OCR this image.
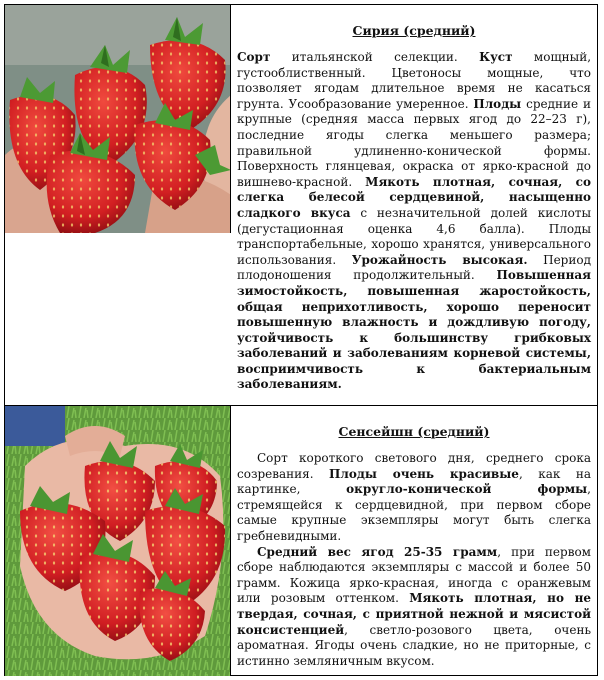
Сирия (средний)

Сорт итальянской селекции. Куст мощный, густооблиственный. Цветоносы мощные, что позволяет ягодам длительное время не касаться грунта. Усообразование умеренное. Плоды средние и крупные (средняя масса первых ягод до 22–23 г), последние ягоды слегка меньшего размера; правильной удлиненно-конической формы. Поверхность глянцевая, окраска от ярко-красной до вишнево-красной. Мякоть плотная, сочная, со слегка белесой сердцевиной, насыщенно сладкого вкуса с незначительной долей кислоты (дегустационная оценка 4,6 балла). Плоды транспортабельные, хорошо хранятся, универсального использования. Урожайность высокая. Период плодоношения продолжительный. Повышенная зимостойкость, повышенная жаростойкость, общая неприхотливость, хорошо переносит повышенную влажность и дождливую погоду, устойчивость к большинству грибковых заболеваний и заболеваниям корневой системы, восприимчивость к бактериальным заболеваниям.

Сенсейшн (средний)

Сорт короткого светового дня, среднего срока созревания. Плоды очень красивые, как на картинке, округло-конической формы, стремящейся к сердцевидной, при первом сборе самые крупные экземпляры могут быть слегка гребневидными.

Средний вес ягод 25-35 грамм, при первом сборе наблюдаются экземпляры с массой и более 50 грамм. Кожица ярко-красная, иногда с оранжевым или розовым оттенком. Мякоть плотная, но не твердая, сочная, с приятной нежной и мясистой консистенцией, светло-розового цвета, очень ароматная. Ягоды очень сладкие, но не приторные, с истинно земляничным вкусом.
